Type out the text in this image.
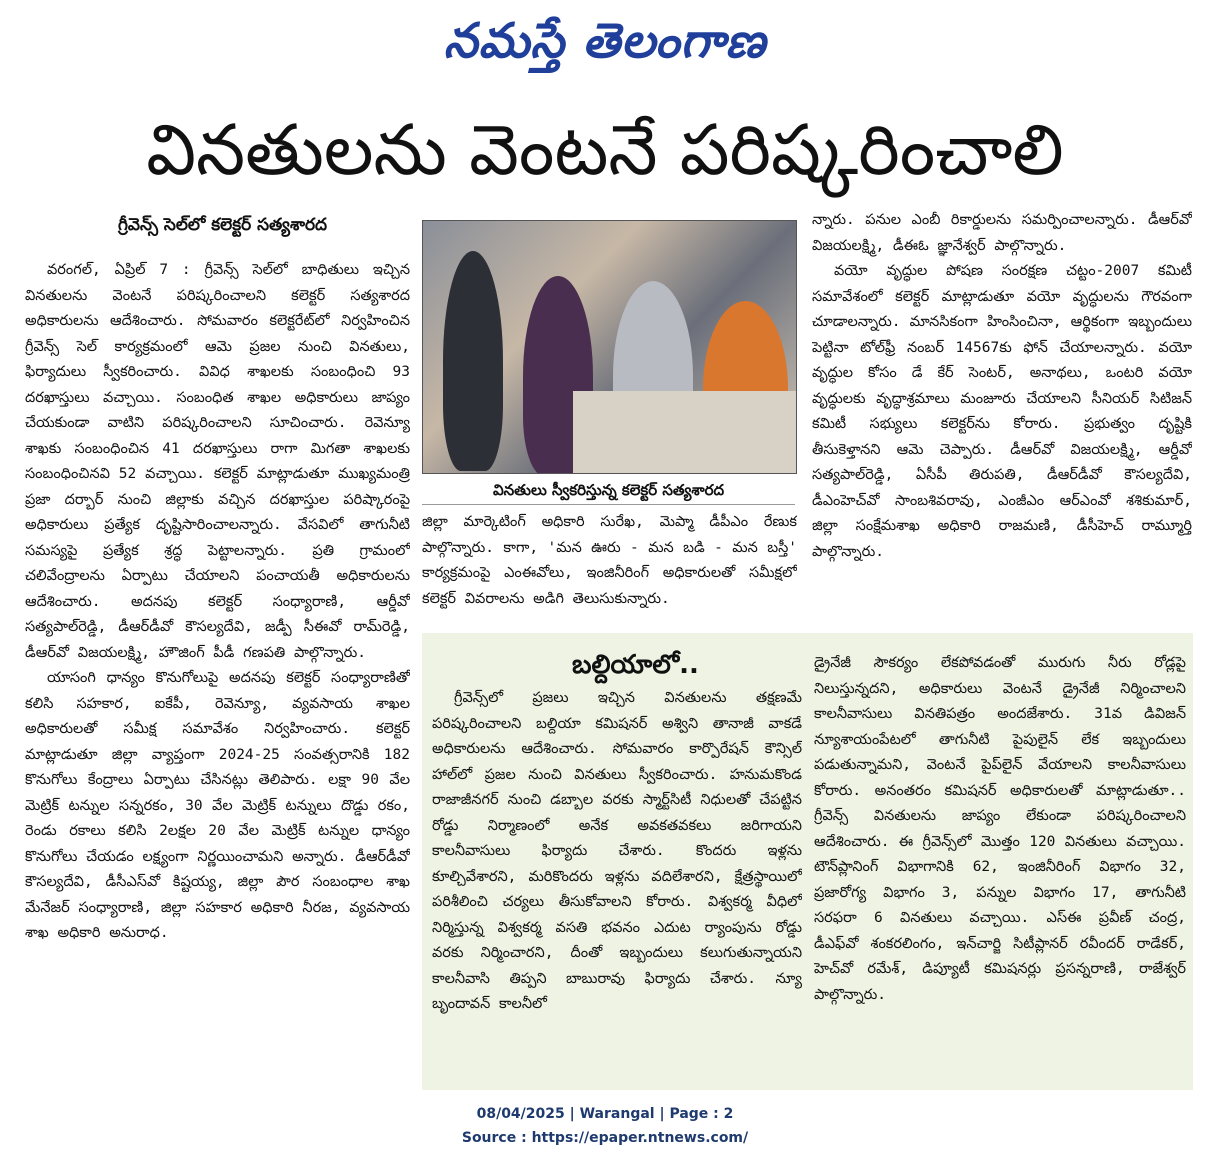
నమస్తే తెలంగాణ
వినతులను వెంటనే పరిష్కరించాలి
గ్రీవెన్స్ సెల్‌లో కలెక్టర్ సత్యశారద

వరంగల్, ఏప్రిల్ 7 : గ్రీవెన్స్ సెల్‌లో బాధితులు ఇచ్చిన వినతులను వెంటనే పరిష్కరించాలని కలెక్టర్ సత్యశారద అధికారులను ఆదేశించారు. సోమవారం కలెక్టరేట్‌లో నిర్వహించిన గ్రీవెన్స్ సెల్ కార్యక్రమంలో ఆమె ప్రజల నుంచి వినతులు, ఫిర్యాదులు స్వీకరించారు. వివిధ శాఖలకు సంబంధించి 93 దరఖాస్తులు వచ్చాయి. సంబంధిత శాఖల అధికారులు జాప్యం చేయకుండా వాటిని పరిష్కరించాలని సూచించారు. రెవెన్యూ శాఖకు సంబంధించిన 41 దరఖాస్తులు రాగా మిగతా శాఖలకు సంబంధించినవి 52 వచ్చాయి. కలెక్టర్ మాట్లాడుతూ ముఖ్యమంత్రి ప్రజా దర్బార్ నుంచి జిల్లాకు వచ్చిన దరఖాస్తుల పరిష్కారంపై అధికారులు ప్రత్యేక దృష్టిసారించాలన్నారు. వేసవిలో తాగునీటి సమస్యపై ప్రత్యేక శ్రద్ధ పెట్టాలన్నారు. ప్రతి గ్రామంలో చలివేంద్రాలను ఏర్పాటు చేయాలని పంచాయతీ అధికారులను ఆదేశించారు. అదనపు కలెక్టర్ సంధ్యారాణి, ఆర్డీవో సత్యపాల్‌రెడ్డి, డీఆర్‌డీవో కౌసల్యదేవి, జడ్పీ సీఈవో రామ్‌రెడ్డి, డీఆర్‌వో విజయలక్ష్మి, హౌజింగ్ పీడీ గణపతి పాల్గొన్నారు.

యాసంగి ధాన్యం కొనుగోలుపై అదనపు కలెక్టర్ సంధ్యారాణితో కలిసి సహకార, ఐకేపీ, రెవెన్యూ, వ్యవసాయ శాఖల అధికారులతో సమీక్ష సమావేశం నిర్వహించారు. కలెక్టర్ మాట్లాడుతూ జిల్లా వ్యాప్తంగా 2024-25 సంవత్సరానికి 182 కొనుగోలు కేంద్రాలు ఏర్పాటు చేసినట్లు తెలిపారు. లక్షా 90 వేల మెట్రిక్ టన్నుల సన్నరకం, 30 వేల మెట్రిక్ టన్నులు దొడ్డు రకం, రెండు రకాలు కలిసి 2లక్షల 20 వేల మెట్రిక్ టన్నుల ధాన్యం కొనుగోలు చేయడం లక్ష్యంగా నిర్ణయించామని అన్నారు. డీఆర్‌డీవో కౌసల్యదేవి, డీసీఎస్‌వో కిష్టయ్య, జిల్లా పౌర సంబంధాల శాఖ మేనేజర్ సంధ్యారాణి, జిల్లా సహకార అధికారి నీరజ, వ్యవసాయ శాఖ అధికారి అనురాధ.

వినతులు స్వీకరిస్తున్న కలెక్టర్ సత్యశారద

జిల్లా మార్కెటింగ్ అధికారి సురేఖ, మెప్మా డీపీఎం రేణుక పాల్గొన్నారు. కాగా, 'మన ఊరు - మన బడి - మన బస్తీ' కార్యక్రమంపై ఎంఈవోలు, ఇంజినీరింగ్ అధికారులతో సమీక్షలో కలెక్టర్ వివరాలను అడిగి తెలుసుకున్నారు.

న్నారు. పనుల ఎంబీ రికార్డులను సమర్పించాలన్నారు. డీఆర్‌వో విజయలక్ష్మి, డీఈఓ జ్ఞానేశ్వర్ పాల్గొన్నారు.

వయో వృద్ధుల పోషణ సంరక్షణ చట్టం-2007 కమిటీ సమావేశంలో కలెక్టర్ మాట్లాడుతూ వయో వృద్ధులను గౌరవంగా చూడాలన్నారు. మానసికంగా హింసించినా, ఆర్థికంగా ఇబ్బందులు పెట్టినా టోల్‌ఫ్రీ నంబర్ 14567కు ఫోన్ చేయాలన్నారు. వయో వృద్ధుల కోసం డే కేర్ సెంటర్, అనాథలు, ఒంటరి వయో వృద్ధులకు వృద్ధాశ్రమాలు మంజూరు చేయాలని సీనియర్ సిటిజన్ కమిటీ సభ్యులు కలెక్టర్‌ను కోరారు. ప్రభుత్వం దృష్టికి తీసుకెళ్తానని ఆమె చెప్పారు. డీఆర్‌వో విజయలక్ష్మి, ఆర్డీవో సత్యపాల్‌రెడ్డి, ఏసీపీ తిరుపతి, డీఆర్‌డీవో కౌసల్యదేవి, డీఎంహెచ్‌వో సాంబశివరావు, ఎంజీఎం ఆర్‌ఎంవో శశికుమార్, జిల్లా సంక్షేమశాఖ అధికారి రాజమణి, డీసీహెచ్ రామ్మూర్తి పాల్గొన్నారు.

బల్దియాలో..

గ్రీవెన్స్‌లో ప్రజలు ఇచ్చిన వినతులను తక్షణమే పరిష్కరించాలని బల్దియా కమిషనర్ అశ్విని తానాజీ వాకడే అధికారులను ఆదేశించారు. సోమవారం కార్పొరేషన్ కౌన్సిల్ హాల్‌లో ప్రజల నుంచి వినతులు స్వీకరించారు. హనుమకొండ రాజాజీనగర్ నుంచి డబ్బాల వరకు స్మార్ట్‌సిటీ నిధులతో చేపట్టిన రోడ్డు నిర్మాణంలో అనేక అవకతవకలు జరిగాయని కాలనీవాసులు ఫిర్యాదు చేశారు. కొందరు ఇళ్లను కూల్చివేశారని, మరికొందరు ఇళ్లను వదిలేశారని, క్షేత్రస్థాయిలో పరిశీలించి చర్యలు తీసుకోవాలని కోరారు. విశ్వకర్మ వీధిలో నిర్మిస్తున్న విశ్వకర్మ వసతి భవనం ఎదుట ర్యాంపును రోడ్డు వరకు నిర్మించారని, దీంతో ఇబ్బందులు కలుగుతున్నాయని కాలనీవాసి తిప్పని బాబురావు ఫిర్యాదు చేశారు. న్యూ బృందావన్ కాలనీలో

డ్రైనేజీ సౌకర్యం లేకపోవడంతో మురుగు నీరు రోడ్లపై నిలుస్తున్నదని, అధికారులు వెంటనే డ్రైనేజీ నిర్మించాలని కాలనీవాసులు వినతిపత్రం అందజేశారు. 31వ డివిజన్ న్యూశాయంపేటలో తాగునీటి పైపులైన్ లేక ఇబ్బందులు పడుతున్నామని, వెంటనే పైప్‌లైన్ వేయాలని కాలనీవాసులు కోరారు. అనంతరం కమిషనర్ అధికారులతో మాట్లాడుతూ.. గ్రీవెన్స్ వినతులను జాప్యం లేకుండా పరిష్కరించాలని ఆదేశించారు. ఈ గ్రీవెన్స్‌లో మొత్తం 120 వినతులు వచ్చాయి. టౌన్‌ప్లానింగ్ విభాగానికి 62, ఇంజినీరింగ్ విభాగం 32, ప్రజారోగ్య విభాగం 3, పన్నుల విభాగం 17, తాగునీటి సరఫరా 6 వినతులు వచ్చాయి. ఎస్‌ఈ ప్రవీణ్ చంద్ర, డీఎఫ్‌వో శంకరలింగం, ఇన్‌చార్జి సిటీప్లానర్ రవీందర్ రాడేకర్, హెచ్‌వో రమేశ్, డిప్యూటీ కమిషనర్లు ప్రసన్నరాణి, రాజేశ్వర్ పాల్గొన్నారు.

08/04/2025 | Warangal | Page : 2
Source : https://epaper.ntnews.com/
